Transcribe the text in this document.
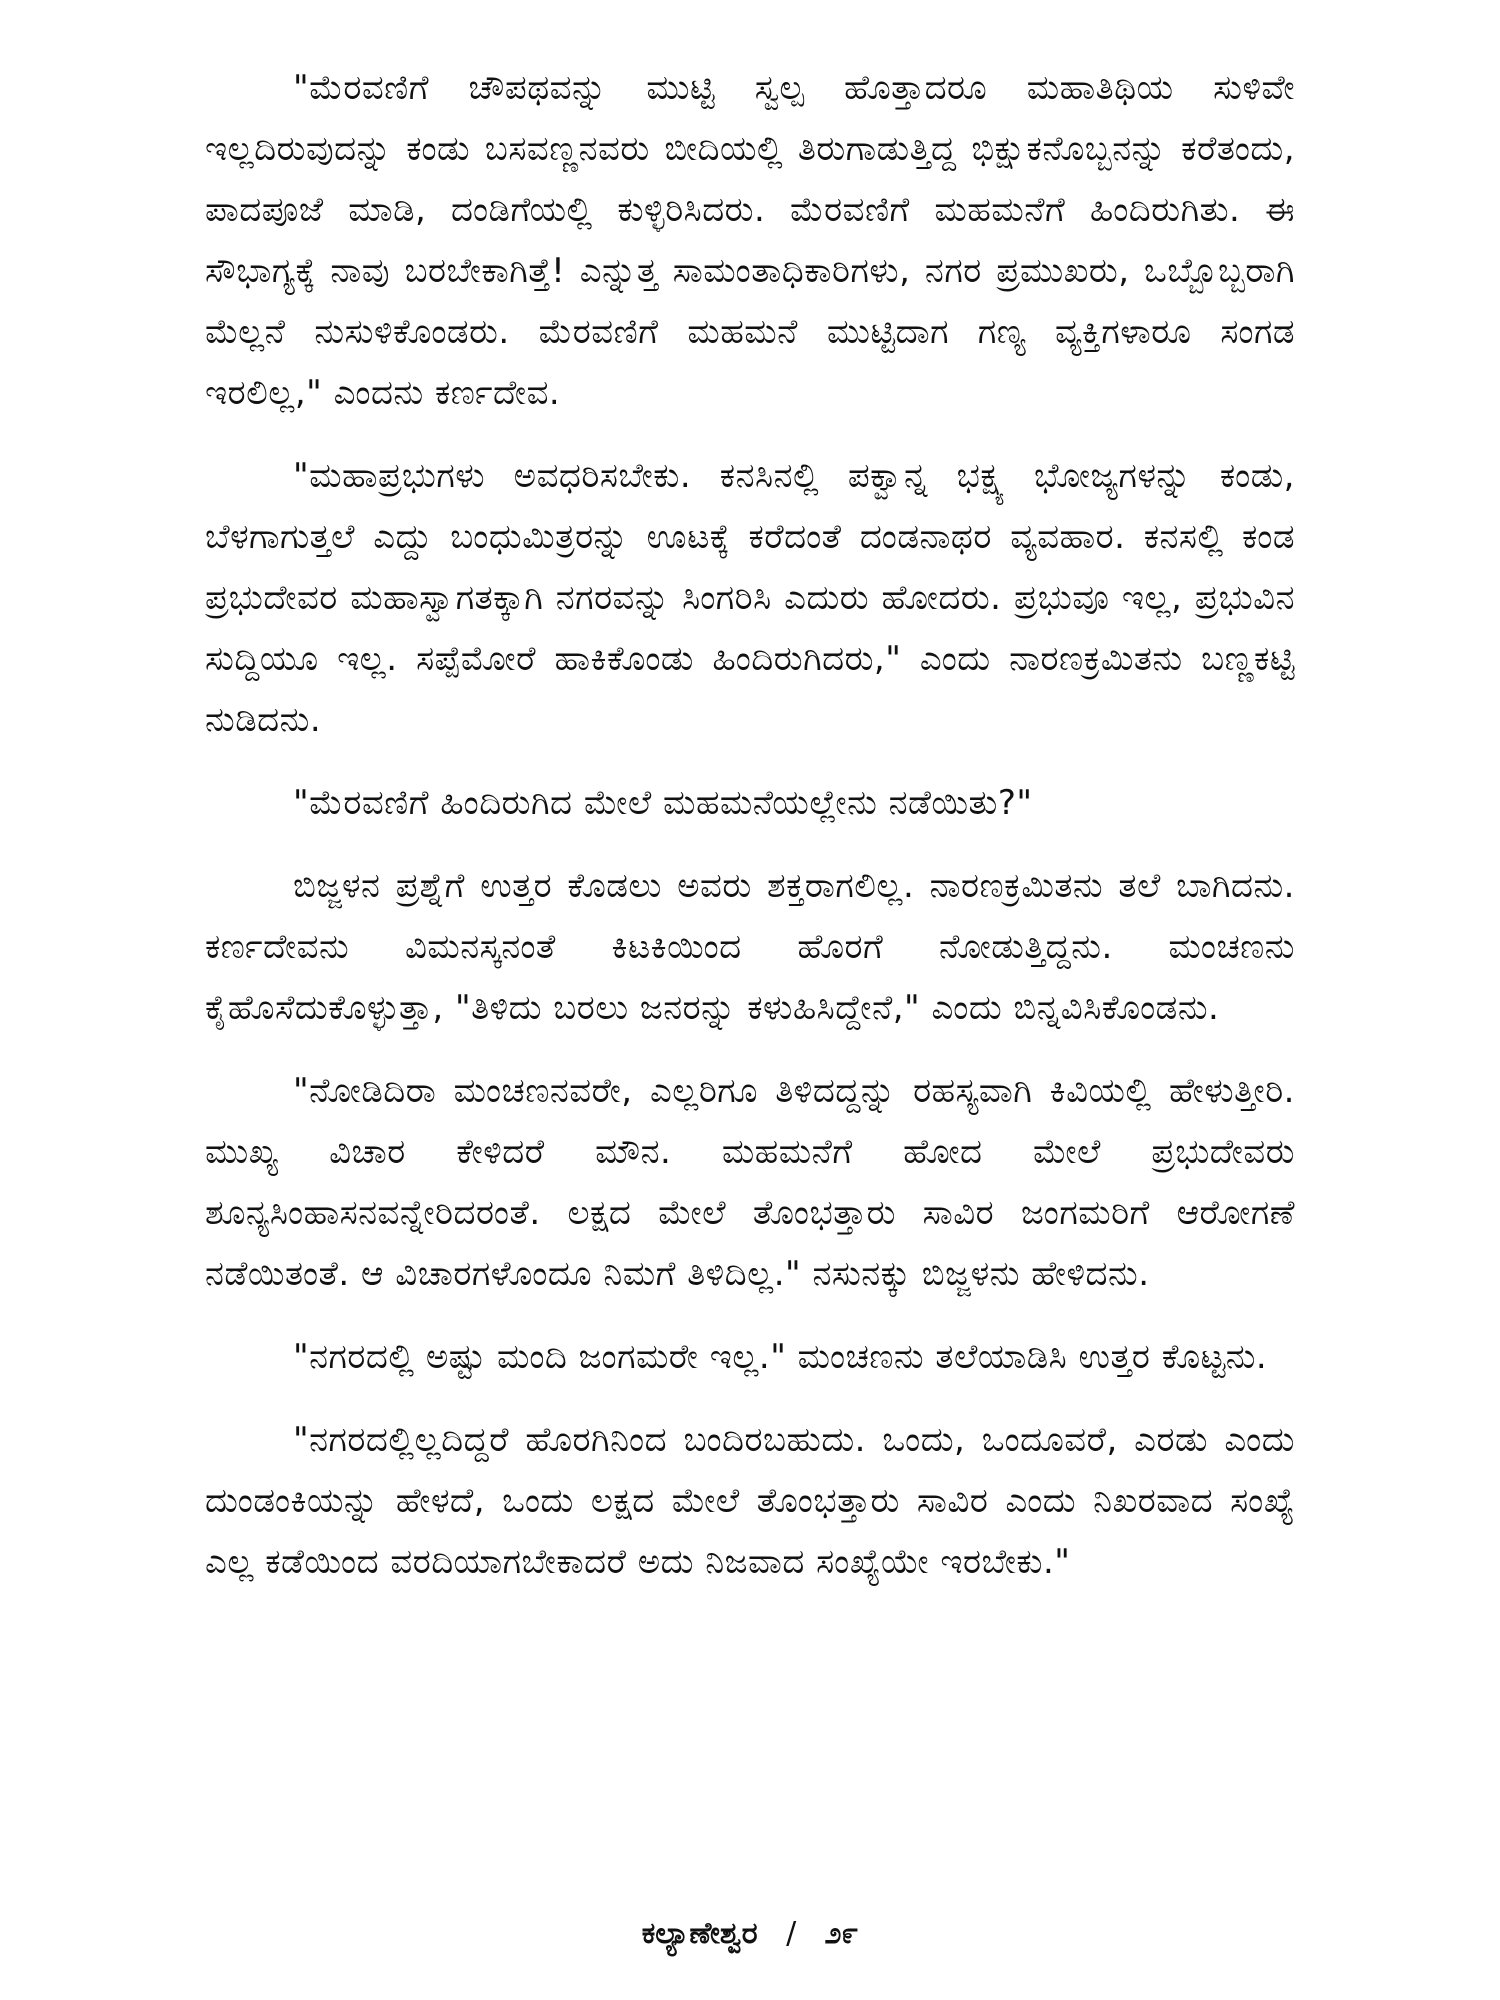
"ಮೆರವಣಿಗೆ ಚೌಪಥವನ್ನು ಮುಟ್ಟಿ ಸ್ವಲ್ಪ ಹೊತ್ತಾದರೂ ಮಹಾತಿಥಿಯ ಸುಳಿವೇ ಇಲ್ಲದಿರುವುದನ್ನು ಕಂಡು ಬಸವಣ್ಣನವರು ಬೀದಿಯಲ್ಲಿ ತಿರುಗಾಡುತ್ತಿದ್ದ ಭಿಕ್ಷುಕನೊಬ್ಬನನ್ನು ಕರೆತಂದು, ಪಾದಪೂಜೆ ಮಾಡಿ, ದಂಡಿಗೆಯಲ್ಲಿ ಕುಳ್ಳಿರಿಸಿದರು. ಮೆರವಣಿಗೆ ಮಹಮನೆಗೆ ಹಿಂದಿರುಗಿತು. ಈ ಸೌಭಾಗ್ಯಕ್ಕೆ ನಾವು ಬರಬೇಕಾಗಿತ್ತೆ! ಎನ್ನುತ್ತ ಸಾಮಂತಾಧಿಕಾರಿಗಳು, ನಗರ ಪ್ರಮುಖರು, ಒಬ್ಬೊಬ್ಬರಾಗಿ ಮೆಲ್ಲನೆ ನುಸುಳಿಕೊಂಡರು. ಮೆರವಣಿಗೆ ಮಹಮನೆ ಮುಟ್ಟಿದಾಗ ಗಣ್ಯ ವ್ಯಕ್ತಿಗಳಾರೂ ಸಂಗಡ ಇರಲಿಲ್ಲ," ಎಂದನು ಕರ್ಣದೇವ.

"ಮಹಾಪ್ರಭುಗಳು ಅವಧರಿಸಬೇಕು. ಕನಸಿನಲ್ಲಿ ಪಕ್ವಾನ್ನ ಭಕ್ಷ್ಯ ಭೋಜ್ಯಗಳನ್ನು ಕಂಡು, ಬೆಳಗಾಗುತ್ತಲೆ ಎದ್ದು ಬಂಧುಮಿತ್ರರನ್ನು ಊಟಕ್ಕೆ ಕರೆದಂತೆ ದಂಡನಾಥರ ವ್ಯವಹಾರ. ಕನಸಲ್ಲಿ ಕಂಡ ಪ್ರಭುದೇವರ ಮಹಾಸ್ವಾಗತಕ್ಕಾಗಿ ನಗರವನ್ನು ಸಿಂಗರಿಸಿ ಎದುರು ಹೋದರು. ಪ್ರಭುವೂ ಇಲ್ಲ, ಪ್ರಭುವಿನ ಸುದ್ದಿಯೂ ಇಲ್ಲ. ಸಪ್ಪೆಮೋರೆ ಹಾಕಿಕೊಂಡು ಹಿಂದಿರುಗಿದರು," ಎಂದು ನಾರಣಕ್ರಮಿತನು ಬಣ್ಣಕಟ್ಟಿ ನುಡಿದನು.

"ಮೆರವಣಿಗೆ ಹಿಂದಿರುಗಿದ ಮೇಲೆ ಮಹಮನೆಯಲ್ಲೇನು ನಡೆಯಿತು?"

ಬಿಜ್ಜಳನ ಪ್ರಶ್ನೆಗೆ ಉತ್ತರ ಕೊಡಲು ಅವರು ಶಕ್ತರಾಗಲಿಲ್ಲ. ನಾರಣಕ್ರಮಿತನು ತಲೆ ಬಾಗಿದನು. ಕರ್ಣದೇವನು ವಿಮನಸ್ಕನಂತೆ ಕಿಟಕಿಯಿಂದ ಹೊರಗೆ ನೋಡುತ್ತಿದ್ದನು. ಮಂಚಣನು ಕೈಹೊಸೆದುಕೊಳ್ಳುತ್ತಾ, "ತಿಳಿದು ಬರಲು ಜನರನ್ನು ಕಳುಹಿಸಿದ್ದೇನೆ," ಎಂದು ಬಿನ್ನವಿಸಿಕೊಂಡನು.

"ನೋಡಿದಿರಾ ಮಂಚಣನವರೇ, ಎಲ್ಲರಿಗೂ ತಿಳಿದದ್ದನ್ನು ರಹಸ್ಯವಾಗಿ ಕಿವಿಯಲ್ಲಿ ಹೇಳುತ್ತೀರಿ. ಮುಖ್ಯ ವಿಚಾರ ಕೇಳಿದರೆ ಮೌನ. ಮಹಮನೆಗೆ ಹೋದ ಮೇಲೆ ಪ್ರಭುದೇವರು ಶೂನ್ಯಸಿಂಹಾಸನವನ್ನೇರಿದರಂತೆ. ಲಕ್ಷದ ಮೇಲೆ ತೊಂಭತ್ತಾರು ಸಾವಿರ ಜಂಗಮರಿಗೆ ಆರೋಗಣೆ ನಡೆಯಿತಂತೆ. ಆ ವಿಚಾರಗಳೊಂದೂ ನಿಮಗೆ ತಿಳಿದಿಲ್ಲ." ನಸುನಕ್ಕು ಬಿಜ್ಜಳನು ಹೇಳಿದನು.

"ನಗರದಲ್ಲಿ ಅಷ್ಟು ಮಂದಿ ಜಂಗಮರೇ ಇಲ್ಲ." ಮಂಚಣನು ತಲೆಯಾಡಿಸಿ ಉತ್ತರ ಕೊಟ್ಟನು.

"ನಗರದಲ್ಲಿಲ್ಲದಿದ್ದರೆ ಹೊರಗಿನಿಂದ ಬಂದಿರಬಹುದು. ಒಂದು, ಒಂದೂವರೆ, ಎರಡು ಎಂದು ದುಂಡಂಕಿಯನ್ನು ಹೇಳದೆ, ಒಂದು ಲಕ್ಷದ ಮೇಲೆ ತೊಂಭತ್ತಾರು ಸಾವಿರ ಎಂದು ನಿಖರವಾದ ಸಂಖ್ಯೆ ಎಲ್ಲ ಕಡೆಯಿಂದ ವರದಿಯಾಗಬೇಕಾದರೆ ಅದು ನಿಜವಾದ ಸಂಖ್ಯೆಯೇ ಇರಬೇಕು."

ಕಲ್ಯಾಣೇಶ್ವರ / ೨೯
